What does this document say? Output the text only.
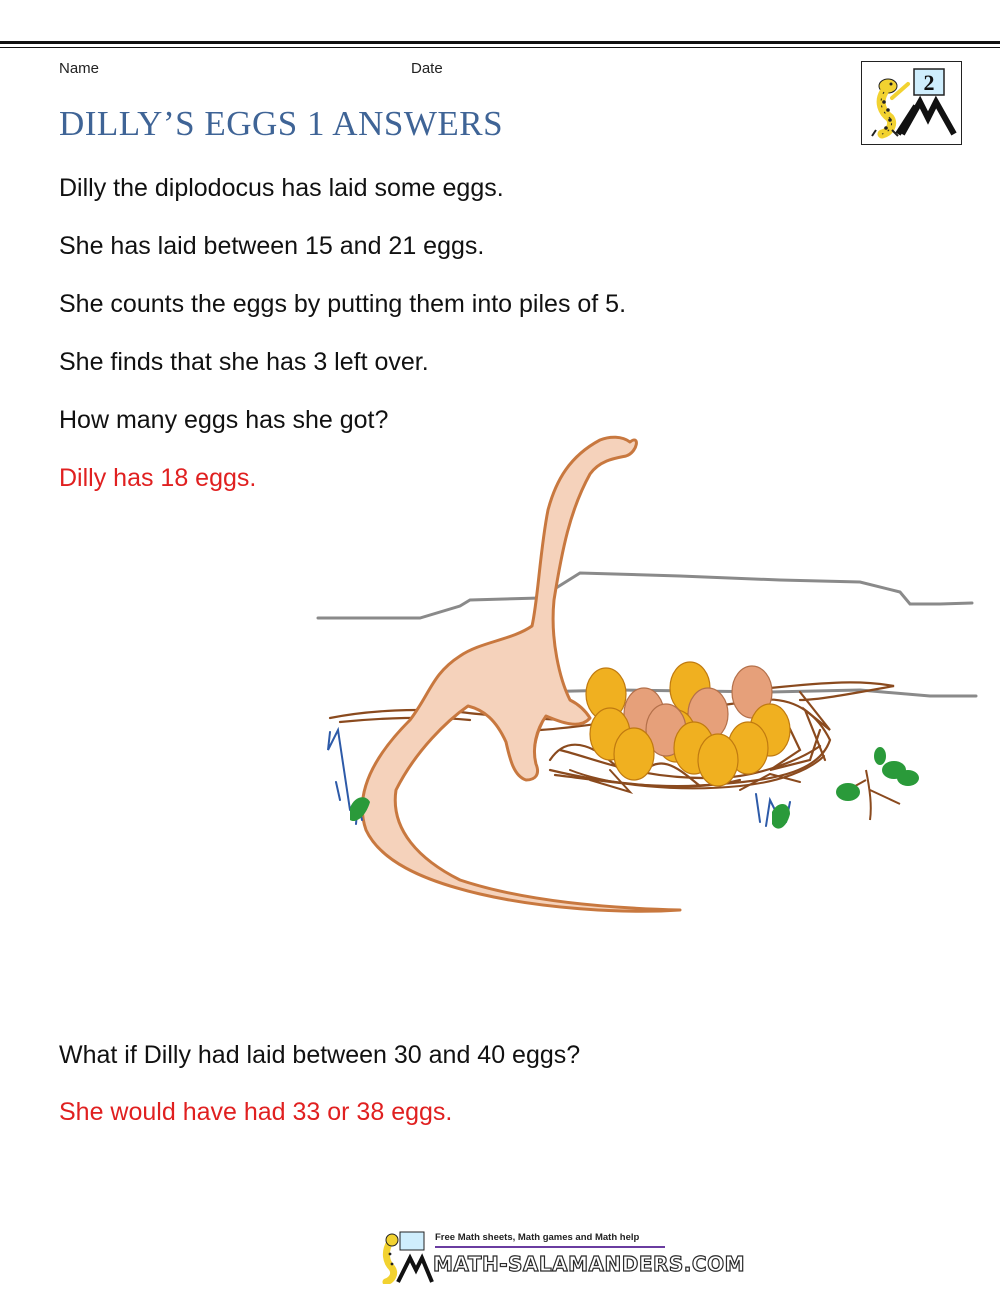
Name	Date
DILLY’S EGGS 1 ANSWERS
2

Dilly the diplodocus has laid some eggs.

She has laid between 15 and 21 eggs.

She counts the eggs by putting them into piles of 5.

She finds that she has 3 left over.

How many eggs has she got?

Dilly has 18 eggs.

What if Dilly had laid between 30 and 40 eggs?

She would have had 33 or 38 eggs.

Free Math sheets, Math games and Math help
MATH-SALAMANDERS.COM
